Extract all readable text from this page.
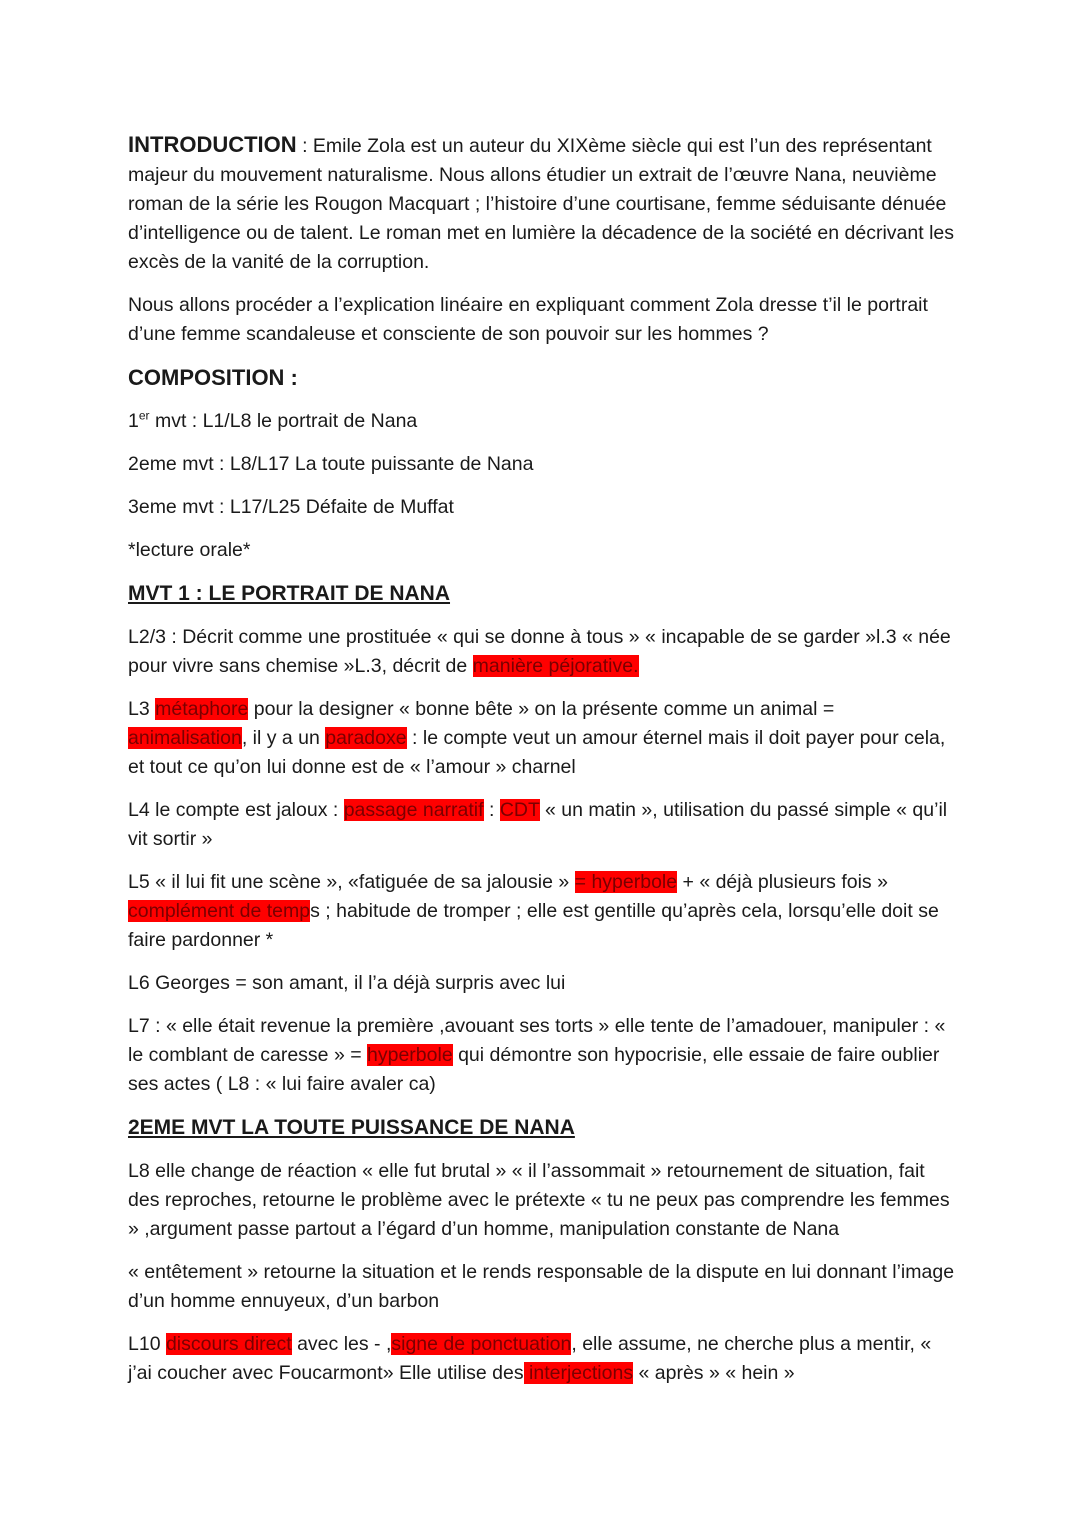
INTRODUCTION : Emile Zola est un auteur du XIXème siècle qui est l’un des représentant majeur du mouvement naturalisme. Nous allons étudier un extrait de l’œuvre Nana, neuvième roman de la série les Rougon Macquart ; l’histoire d’une courtisane, femme séduisante dénuée d’intelligence ou de talent. Le roman met en lumière la décadence de la société en décrivant les excès de la vanité de la corruption.

Nous allons procéder a l’explication linéaire en expliquant comment Zola dresse t’il le portrait d’une femme scandaleuse et consciente de son pouvoir sur les hommes ?

COMPOSITION :

1er mvt : L1/L8 le portrait de Nana

2eme mvt : L8/L17 La toute puissante de Nana

3eme mvt : L17/L25 Défaite de Muffat

*lecture orale*

MVT 1 : LE PORTRAIT DE NANA

L2/3 : Décrit comme une prostituée « qui se donne à tous » « incapable de se garder »l.3 « née pour vivre sans chemise »L.3, décrit de manière péjorative.

L3 métaphore pour la designer « bonne bête » on la présente comme un animal = animalisation, il y a un paradoxe : le compte veut un amour éternel mais il doit payer pour cela, et tout ce qu’on lui donne est de « l’amour » charnel

L4 le compte est jaloux : passage narratif : CDT « un matin », utilisation du passé simple « qu’il vit sortir »

L5 « il lui fit une scène », «fatiguée de sa jalousie » = hyperbole + « déjà plusieurs fois » complément de temps ; habitude de tromper ; elle est gentille qu’après cela, lorsqu’elle doit se faire pardonner *

L6 Georges = son amant, il l’a déjà surpris avec lui

L7 : « elle était revenue la première ,avouant ses torts » elle tente de l’amadouer, manipuler : « le comblant de caresse » = hyperbole qui démontre son hypocrisie, elle essaie de faire oublier ses actes ( L8 : « lui faire avaler ca)

2EME MVT LA TOUTE PUISSANCE DE NANA

L8 elle change de réaction « elle fut brutal » « il l’assommait » retournement de situation, fait des reproches, retourne le problème avec le prétexte « tu ne peux pas comprendre les femmes » ,argument passe partout a l’égard d’un homme, manipulation constante de Nana

« entêtement » retourne la situation et le rends responsable de la dispute en lui donnant l’image d’un homme ennuyeux, d’un barbon

L10 discours direct avec les - ,signe de ponctuation, elle assume, ne cherche plus a mentir, « j’ai coucher avec Foucarmont» Elle utilise des interjections « après » « hein »
